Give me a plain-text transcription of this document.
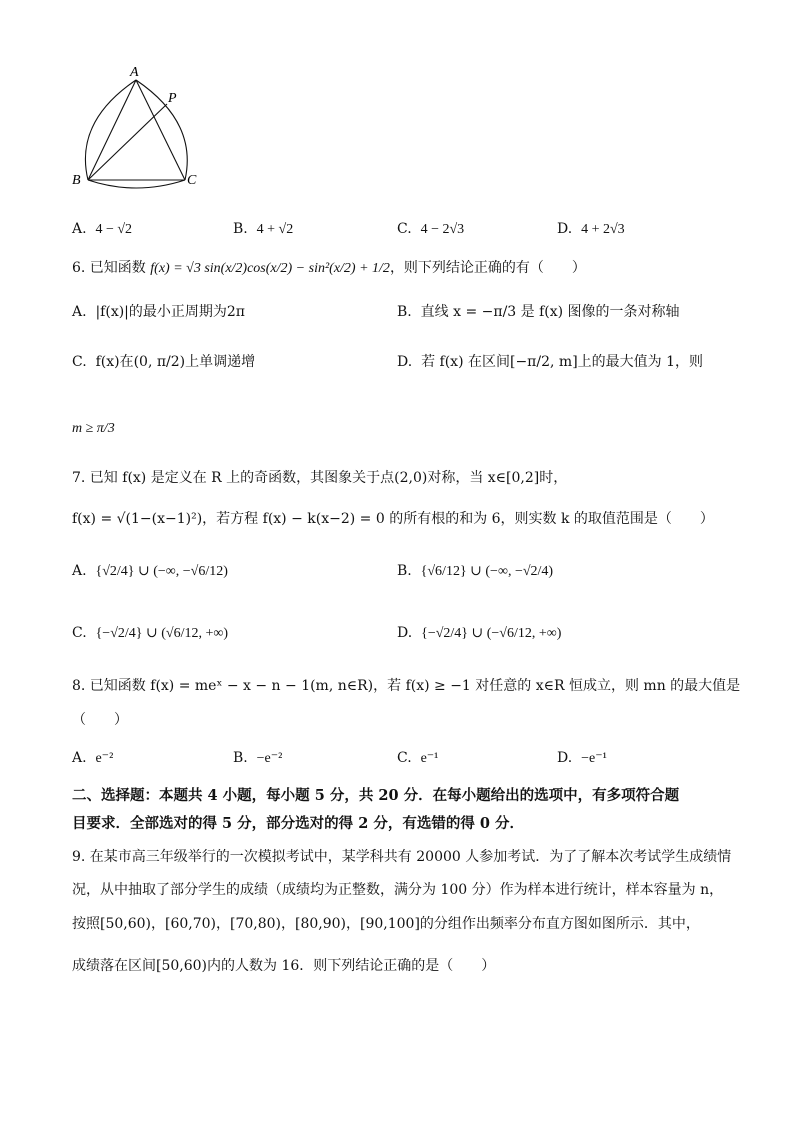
A
P
B	C
A. 4 − √2	B. 4 + √2	C. 4 − 2√3	D. 4 + 2√3
6. 已知函数 f(x) = √3 sin(x/2)cos(x/2) − sin²(x/2) + 1/2，则下列结论正确的有（　　）
A. |f(x)|的最小正周期为2π	B. 直线 x = −π/3 是 f(x) 图像的一条对称轴
C. f(x)在(0, π/2)上单调递增	D. 若 f(x) 在区间[−π/2, m]上的最大值为 1，则
m ≥ π/3
7. 已知 f(x) 是定义在 R 上的奇函数，其图象关于点(2,0)对称，当 x∈[0,2]时，
f(x) = √(1−(x−1)²)，若方程 f(x) − k(x−2) = 0 的所有根的和为 6，则实数 k 的取值范围是（　　）
A. {√2/4} ∪ (−∞, −√6/12)	B. {√6/12} ∪ (−∞, −√2/4)
C. {−√2/4} ∪ (√6/12, +∞)	D. {−√2/4} ∪ (−√6/12, +∞)
8. 已知函数 f(x) = meˣ − x − n − 1(m, n∈R)，若 f(x) ≥ −1 对任意的 x∈R 恒成立，则 mn 的最大值是
（　　）
A. e⁻²	B. −e⁻²	C. e⁻¹	D. −e⁻¹
二、选择题：本题共 4 小题，每小题 5 分，共 20 分．在每小题给出的选项中，有多项符合题
目要求．全部选对的得 5 分，部分选对的得 2 分，有选错的得 0 分．
9. 在某市高三年级举行的一次模拟考试中，某学科共有 20000 人参加考试．为了了解本次考试学生成绩情
况，从中抽取了部分学生的成绩（成绩均为正整数，满分为 100 分）作为样本进行统计，样本容量为 n，
按照[50,60)，[60,70)，[70,80)，[80,90)，[90,100]的分组作出频率分布直方图如图所示．其中，
成绩落在区间[50,60)内的人数为 16．则下列结论正确的是（　　）
